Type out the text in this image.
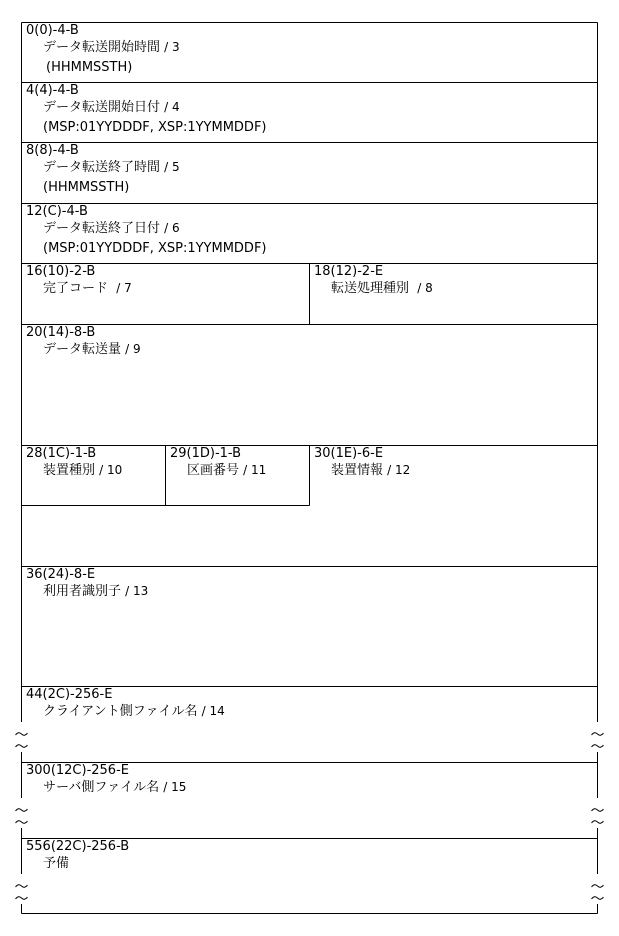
0(0)-4-B
データ転送開始時間 / 3
(HHMMSSTH)
4(4)-4-B
データ転送開始日付 / 4
(MSP:01YYDDDF, XSP:1YYMMDDF)
8(8)-4-B
データ転送終了時間 / 5
(HHMMSSTH)
12(C)-4-B
データ転送終了日付 / 6
(MSP:01YYDDDF, XSP:1YYMMDDF)
16(10)-2-B
完了コード / 7
18(12)-2-E
転送処理種別 / 8
20(14)-8-B
データ転送量 / 9
28(1C)-1-B
装置種別 / 10
29(1D)-1-B
区画番号 / 11
30(1E)-6-E
装置情報 / 12
36(24)-8-E
利用者識別子 / 13
44(2C)-256-E
クライアント側ファイル名 / 14
300(12C)-256-E
サーバ側ファイル名 / 15
556(22C)-256-B
予備
